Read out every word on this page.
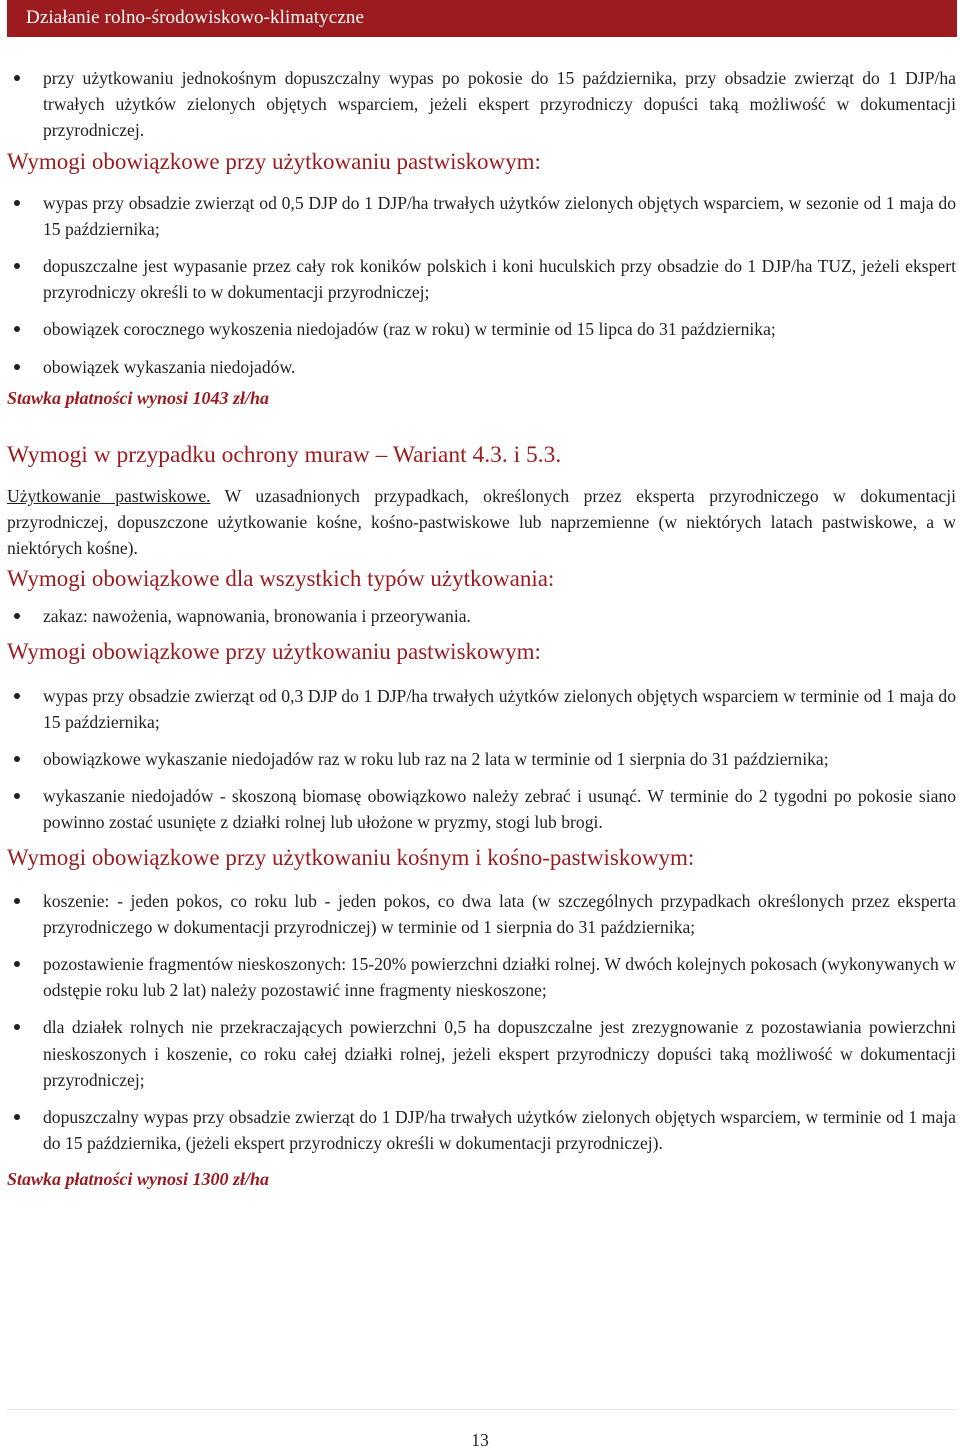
Działanie rolno-środowiskowo-klimatyczne
przy użytkowaniu jednokośnym dopuszczalny wypas po pokosie do 15 października, przy obsadzie zwierząt do 1 DJP/ha trwałych użytków zielonych objętych wsparciem, jeżeli ekspert przyrodniczy dopuści taką możliwość w dokumentacji przyrodniczej.
Wymogi obowiązkowe przy użytkowaniu pastwiskowym:
wypas przy obsadzie zwierząt od 0,5 DJP do 1 DJP/ha trwałych użytków zielonych objętych wsparciem, w sezonie od 1 maja do 15 października;
dopuszczalne jest wypasanie przez cały rok koników polskich i koni huculskich przy obsadzie do 1 DJP/ha TUZ, jeżeli ekspert przyrodniczy określi to w dokumentacji przyrodniczej;
obowiązek corocznego wykoszenia niedojadów (raz w roku) w terminie od 15 lipca do 31 października;
obowiązek wykaszania niedojadów.
Stawka płatności wynosi 1043 zł/ha
Wymogi w przypadku ochrony muraw – Wariant 4.3. i 5.3.
Użytkowanie pastwiskowe. W uzasadnionych przypadkach, określonych przez eksperta przyrodniczego w dokumentacji przyrodniczej, dopuszczone użytkowanie kośne, kośno-pastwiskowe lub naprzemienne (w niektórych latach pastwiskowe, a w niektórych kośne).
Wymogi obowiązkowe dla wszystkich typów użytkowania:
zakaz: nawożenia, wapnowania, bronowania i przeorywania.
Wymogi obowiązkowe przy użytkowaniu pastwiskowym:
wypas przy obsadzie zwierząt od 0,3 DJP do 1 DJP/ha trwałych użytków zielonych objętych wsparciem w terminie od 1 maja do 15 października;
obowiązkowe wykaszanie niedojadów raz w roku lub raz na 2 lata w terminie od 1 sierpnia do 31 października;
wykaszanie niedojadów - skoszoną biomasę obowiązkowo należy zebrać i usunąć. W terminie do 2 tygodni po pokosie siano powinno zostać usunięte z działki rolnej lub ułożone w pryzmy, stogi lub brogi.
Wymogi obowiązkowe przy użytkowaniu kośnym i kośno-pastwiskowym:
koszenie: - jeden pokos, co roku lub - jeden pokos, co dwa lata (w szczególnych przypadkach określonych przez eksperta przyrodniczego w dokumentacji przyrodniczej) w terminie od 1 sierpnia do 31 października;
pozostawienie fragmentów nieskoszonych: 15-20% powierzchni działki rolnej. W dwóch kolejnych pokosach (wykonywanych w odstępie roku lub 2 lat) należy pozostawić inne fragmenty nieskoszone;
dla działek rolnych nie przekraczających powierzchni 0,5 ha dopuszczalne jest zrezygnowanie z pozostawiania powierzchni nieskoszonych i koszenie, co roku całej działki rolnej, jeżeli ekspert przyrodniczy dopuści taką możliwość w dokumentacji przyrodniczej;
dopuszczalny wypas przy obsadzie zwierząt do 1 DJP/ha trwałych użytków zielonych objętych wsparciem, w terminie od 1 maja do 15 października, (jeżeli ekspert przyrodniczy określi w dokumentacji przyrodniczej).
Stawka płatności wynosi 1300 zł/ha
13
